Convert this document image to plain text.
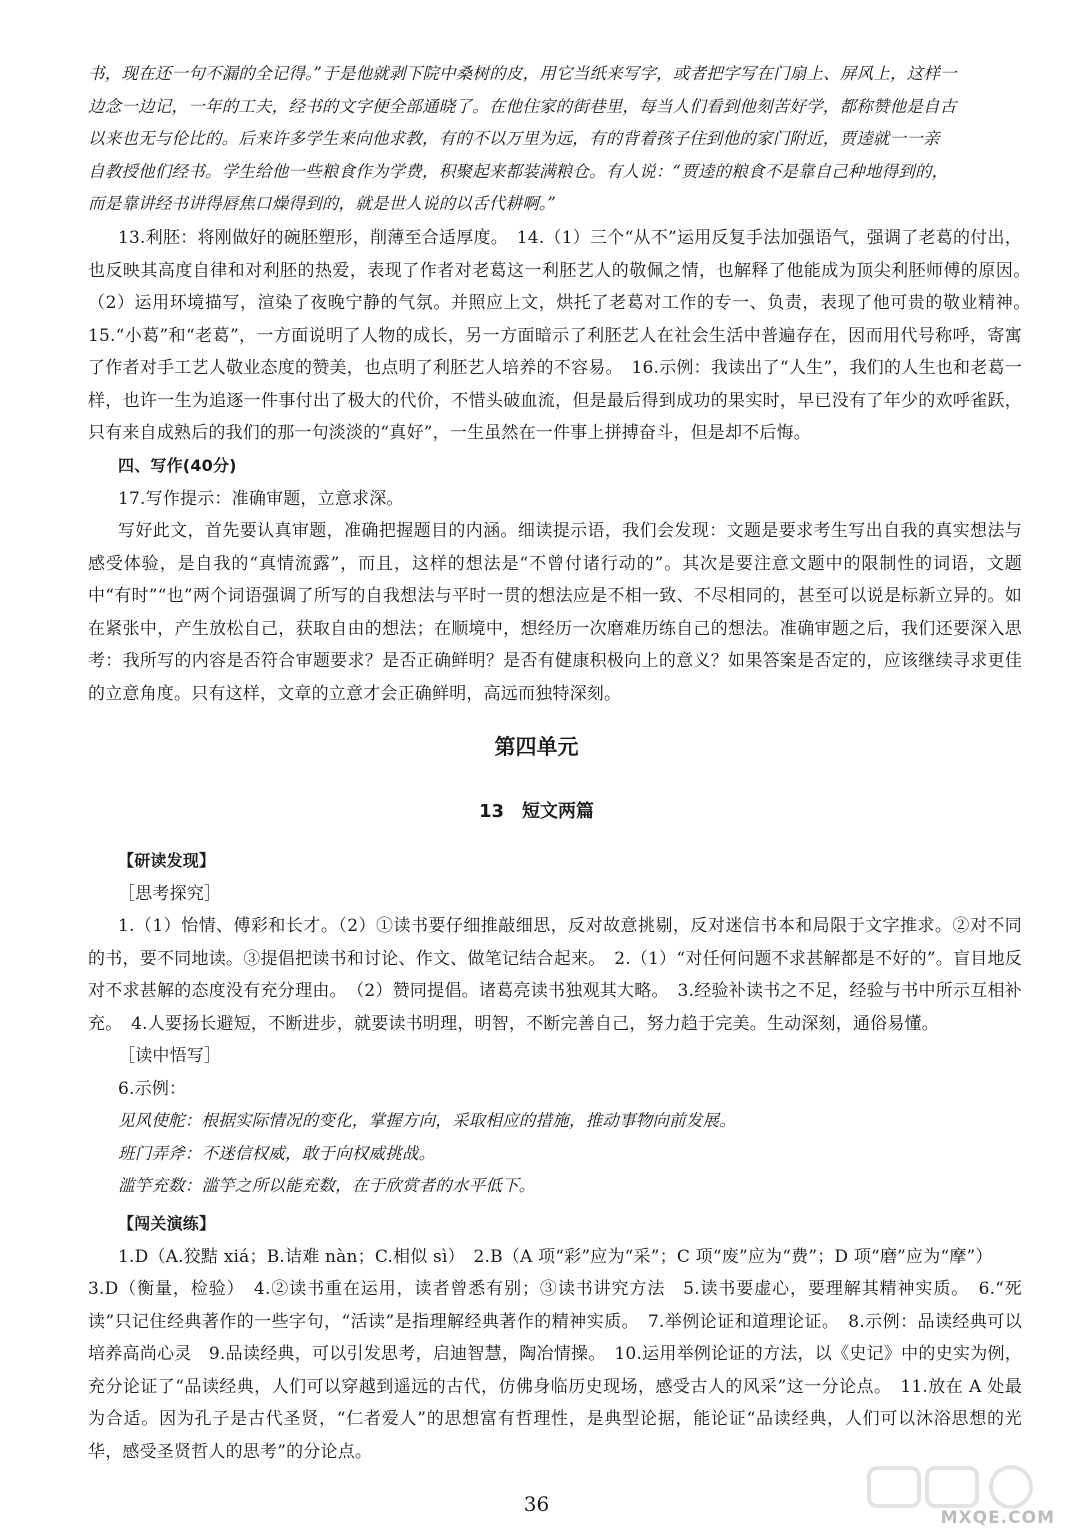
书，现在还一句不漏的全记得。”于是他就剥下院中桑树的皮，用它当纸来写字，或者把字写在门扇上、屏风上，这样一

边念一边记，一年的工夫，经书的文字便全部通晓了。在他住家的街巷里，每当人们看到他刻苦好学，都称赞他是自古

以来也无与伦比的。后来许多学生来向他求教，有的不以万里为远，有的背着孩子住到他的家门附近，贾逵就一一亲

自教授他们经书。学生给他一些粮食作为学费，积聚起来都装满粮仓。有人说：“贾逵的粮食不是靠自己种地得到的，

而是靠讲经书讲得唇焦口燥得到的，就是世人说的以舌代耕啊。”

13.利胚：将刚做好的碗胚塑形，削薄至合适厚度。　14.（1）三个“从不”运用反复手法加强语气，强调了老葛的付出，也反映其高度自律和对利胚的热爱，表现了作者对老葛这一利胚艺人的敬佩之情，也解释了他能成为顶尖利胚师傅的原因。　（2）运用环境描写，渲染了夜晚宁静的气氛。并照应上文，烘托了老葛对工作的专一、负责，表现了他可贵的敬业精神。　15.“小葛”和“老葛”，一方面说明了人物的成长，另一方面暗示了利胚艺人在社会生活中普遍存在，因而用代号称呼，寄寓了作者对手工艺人敬业态度的赞美，也点明了利胚艺人培养的不容易。　16.示例：我读出了“人生”，我们的人生也和老葛一样，也许一生为追逐一件事付出了极大的代价，不惜头破血流，但是最后得到成功的果实时，早已没有了年少的欢呼雀跃，只有来自成熟后的我们的那一句淡淡的“真好”，一生虽然在一件事上拼搏奋斗，但是却不后悔。

四、写作(40分)

17.写作提示：准确审题，立意求深。

写好此文，首先要认真审题，准确把握题目的内涵。细读提示语，我们会发现：文题是要求考生写出自我的真实想法与感受体验，是自我的“真情流露”，而且，这样的想法是“不曾付诸行动的”。其次是要注意文题中的限制性的词语，文题中“有时”“也”两个词语强调了所写的自我想法与平时一贯的想法应是不相一致、不尽相同的，甚至可以说是标新立异的。如在紧张中，产生放松自己，获取自由的想法；在顺境中，想经历一次磨难历练自己的想法。准确审题之后，我们还要深入思考：我所写的内容是否符合审题要求？是否正确鲜明？是否有健康积极向上的意义？如果答案是否定的，应该继续寻求更佳的立意角度。只有这样，文章的立意才会正确鲜明，高远而独特深刻。

第四单元
13　短文两篇

【研读发现】

［思考探究］

1.（1）怡情、傅彩和长才。（2）①读书要仔细推敲细思，反对故意挑剔，反对迷信书本和局限于文字推求。②对不同的书，要不同地读。③提倡把读书和讨论、作文、做笔记结合起来。　2.（1）“对任何问题不求甚解都是不好的”。盲目地反对不求甚解的态度没有充分理由。　（2）赞同提倡。诸葛亮读书独观其大略。　3.经验补读书之不足，经验与书中所示互相补充。　4.人要扬长避短，不断进步，就要读书明理，明智，不断完善自己，努力趋于完美。生动深刻，通俗易懂。

［读中悟写］

6.示例：

见风使舵：根据实际情况的变化，掌握方向，采取相应的措施，推动事物向前发展。

班门弄斧：不迷信权威，敢于向权威挑战。

滥竽充数：滥竽之所以能充数，在于欣赏者的水平低下。

【闯关演练】

1.D（A.狡黠 xiá；B.诘难 nàn；C.相似 sì）　2.B（A 项“彩”应为“采”；C 项“废”应为“费”；D 项“磨”应为“摩”）

3.D（衡量，检验）　4.②读书重在运用，读者曾悉有别；③读书讲究方法　5.读书要虚心，要理解其精神实质。　6.“死读”只记住经典著作的一些字句，“活读”是指理解经典著作的精神实质。　7.举例论证和道理论证。　8.示例：品读经典可以培养高尚心灵　9.品读经典，可以引发思考，启迪智慧，陶冶情操。　10.运用举例论证的方法，以《史记》中的史实为例，充分论证了“品读经典，人们可以穿越到遥远的古代，仿佛身临历史现场，感受古人的风采”这一分论点。　11.放在 A 处最为合适。因为孔子是古代圣贤，“仁者爱人”的思想富有哲理性，是典型论据，能论证“品读经典，人们可以沐浴思想的光华，感受圣贤哲人的思考”的分论点。

36
MXQE.COM
